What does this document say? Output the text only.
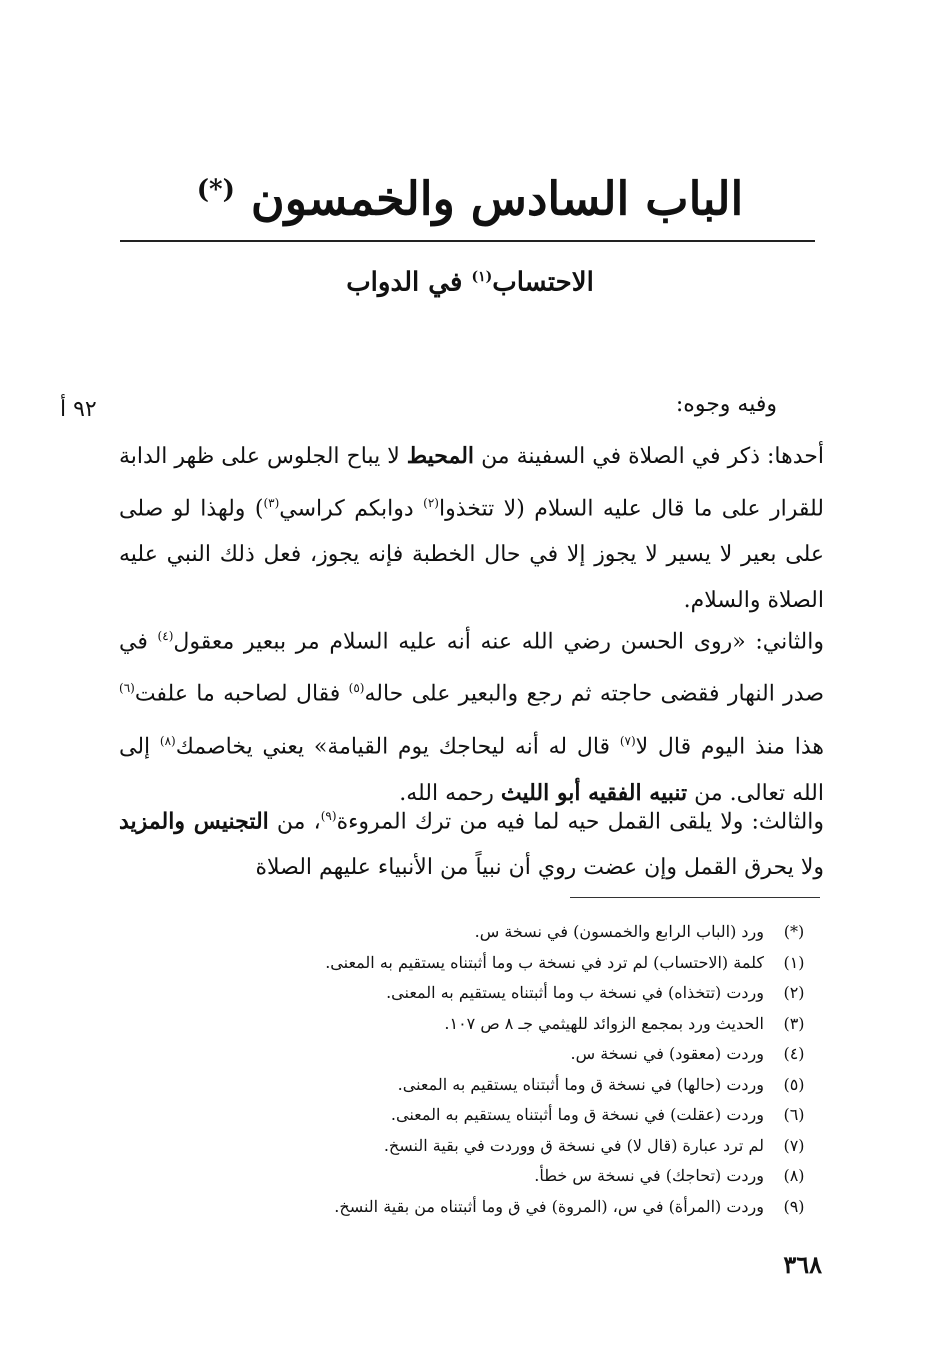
الباب السادس والخمسون (*)
الاحتساب$^{(١)}$ في الدواب
٩٢ أ	وفيه وجوه:
أحدها: ذكر في الصلاة في السفينة من المحيط لا يباح الجلوس على ظهر الدابة للقرار على ما قال عليه السلام (لا تتخذوا$^{(٢)}$ دوابكم كراسي$^{(٣)}$) ولهذا لو صلى على بعير لا يسير لا يجوز إلا في حال الخطبة فإنه يجوز، فعل ذلك النبي عليه الصلاة والسلام.
والثاني: «روى الحسن رضي الله عنه أنه عليه السلام مر ببعير معقول$^{(٤)}$ في صدر النهار فقضى حاجته ثم رجع والبعير على حاله$^{(٥)}$ فقال لصاحبه ما علفت$^{(٦)}$ هذا منذ اليوم قال لا$^{(٧)}$ قال له أنه ليحاجك يوم القيامة» يعني يخاصمك$^{(٨)}$ إلى الله تعالى. من تنبيه الفقيه أبو الليث رحمه الله.
والثالث: ولا يلقى القمل حيه لما فيه من ترك المروءة$^{(٩)}$، من التجنيس والمزيد ولا يحرق القمل وإن عضت روي أن نبياً من الأنبياء عليهم الصلاة
(*)
ورد (الباب الرابع والخمسون) في نسخة س.
(١)
كلمة (الاحتساب) لم ترد في نسخة ب وما أثبتناه يستقيم به المعنى.
(٢)
وردت (تتخذاه) في نسخة ب وما أثبتناه يستقيم به المعنى.
(٣)
الحديث ورد بمجمع الزوائد للهيثمي جـ ٨ ص ١٠٧.
(٤)
وردت (معقود) في نسخة س.
(٥)
وردت (حالها) في نسخة ق وما أثبتناه يستقيم به المعنى.
(٦)
وردت (عقلت) في نسخة ق وما أثبتناه يستقيم به المعنى.
(٧)
لم ترد عبارة (قال لا) في نسخة ق ووردت في بقية النسخ.
(٨)
وردت (تحاجك) في نسخة س خطأ.
(٩)
وردت (المرأة) في س، (المروة) في ق وما أثبتناه من بقية النسخ.
٣٦٨
